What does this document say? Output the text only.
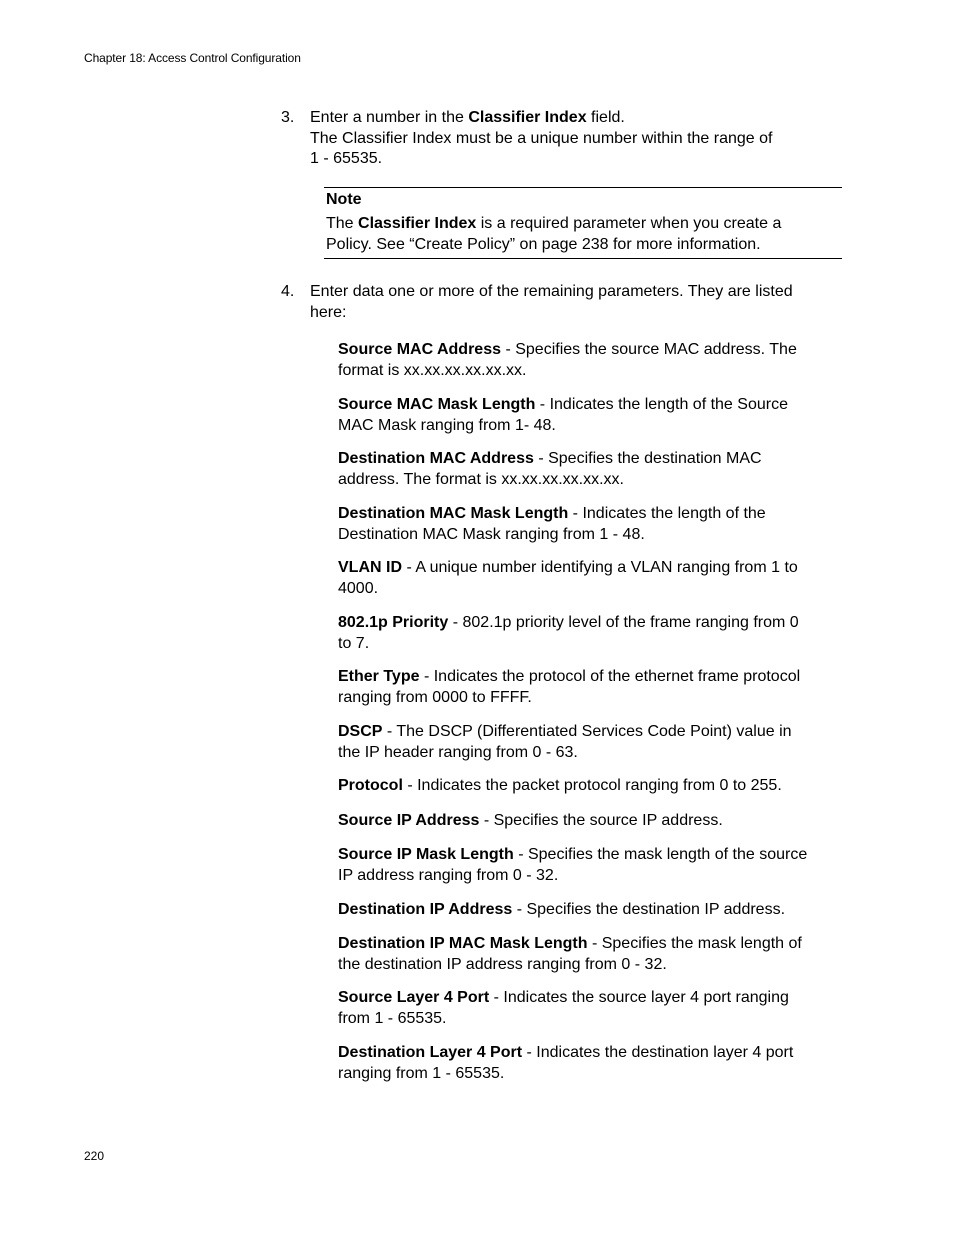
Chapter 18: Access Control Configuration
3. Enter a number in the Classifier Index field.
The Classifier Index must be a unique number within the range of
1 - 65535.
Note
The Classifier Index is a required parameter when you create a
Policy. See “Create Policy” on page 238 for more information.
4. Enter data one or more of the remaining parameters. They are listed
here:
Source MAC Address - Specifies the source MAC address. The
format is xx.xx.xx.xx.xx.xx.
Source MAC Mask Length - Indicates the length of the Source
MAC Mask ranging from 1- 48.
Destination MAC Address - Specifies the destination MAC
address. The format is xx.xx.xx.xx.xx.xx.
Destination MAC Mask Length - Indicates the length of the
Destination MAC Mask ranging from 1 - 48.
VLAN ID - A unique number identifying a VLAN ranging from 1 to
4000.
802.1p Priority - 802.1p priority level of the frame ranging from 0
to 7.
Ether Type - Indicates the protocol of the ethernet frame protocol
ranging from 0000 to FFFF.
DSCP - The DSCP (Differentiated Services Code Point) value in
the IP header ranging from 0 - 63.
Protocol - Indicates the packet protocol ranging from 0 to 255.
Source IP Address - Specifies the source IP address.
Source IP Mask Length - Specifies the mask length of the source
IP address ranging from 0 - 32.
Destination IP Address - Specifies the destination IP address.
Destination IP MAC Mask Length - Specifies the mask length of
the destination IP address ranging from 0 - 32.
Source Layer 4 Port - Indicates the source layer 4 port ranging
from 1 - 65535.
Destination Layer 4 Port - Indicates the destination layer 4 port
ranging from 1 - 65535.
220
